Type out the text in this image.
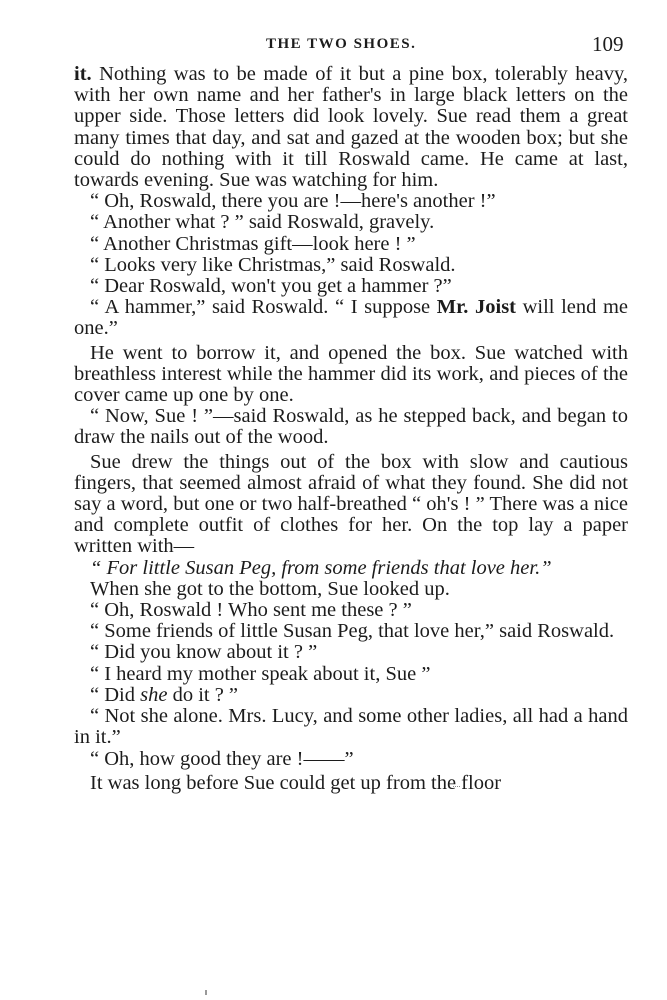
THE TWO SHOES.	109

it. Nothing was to be made of it but a pine box, tolerably heavy, with her own name and her father's in large black letters on the upper side. Those letters did look lovely. Sue read them a great many times that day, and sat and gazed at the wooden box; but she could do nothing with it till Roswald came. He came at last, towards evening. Sue was watching for him.

“ Oh, Roswald, there you are !—here's another !”

“ Another what ? ” said Roswald, gravely.

“ Another Christmas gift—look here ! ”

“ Looks very like Christmas,” said Roswald.

“ Dear Roswald, won't you get a hammer ?”

“ A hammer,” said Roswald. “ I suppose Mr. Joist will lend me one.”

He went to borrow it, and opened the box. Sue watched with breathless interest while the hammer did its work, and pieces of the cover came up one by one.

“ Now, Sue ! ”—said Roswald, as he stepped back, and began to draw the nails out of the wood.

Sue drew the things out of the box with slow and cautious fingers, that seemed almost afraid of what they found. She did not say a word, but one or two half-breathed “ oh's ! ” There was a nice and complete outfit of clothes for her. On the top lay a paper written with—

“ For little Susan Peg, from some friends that love her.”

When she got to the bottom, Sue looked up.

“ Oh, Roswald ! Who sent me these ? ”

“ Some friends of little Susan Peg, that love her,” said Roswald.

“ Did you know about it ? ”

“ I heard my mother speak about it, Sue ”

“ Did she do it ? ”

“ Not she alone. Mrs. Lucy, and some other ladies, all had a hand in it.”

“ Oh, how good they are !——”

It was long before Sue could get up from the floor
